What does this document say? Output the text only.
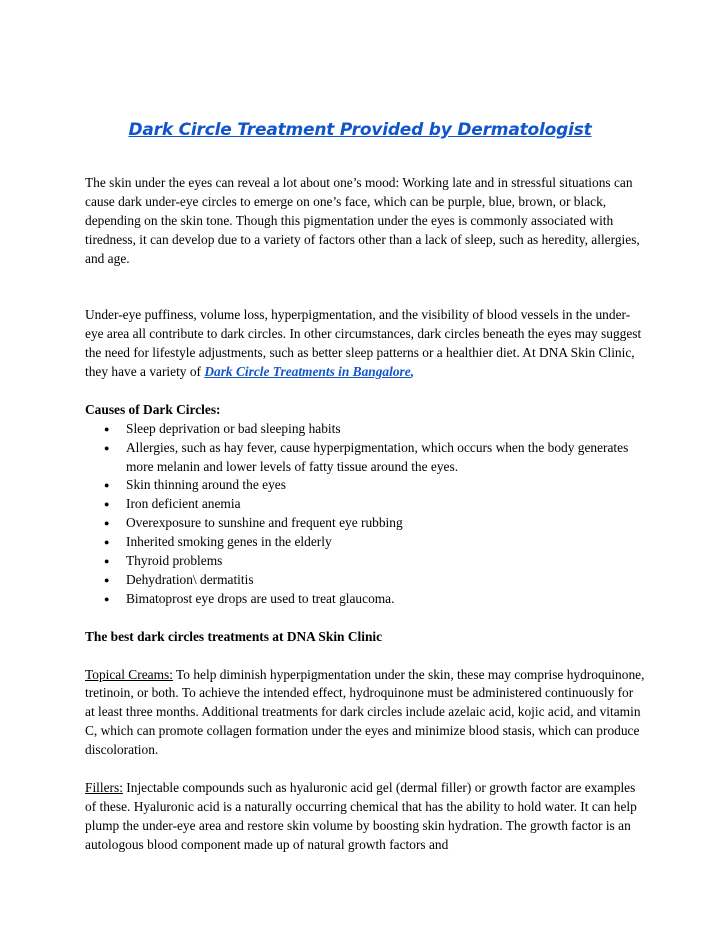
Dark Circle Treatment Provided by Dermatologist

The skin under the eyes can reveal a lot about one’s mood: Working late and in stressful situations can cause dark under-eye circles to emerge on one’s face, which can be purple, blue, brown, or black, depending on the skin tone. Though this pigmentation under the eyes is commonly associated with tiredness, it can develop due to a variety of factors other than a lack of sleep, such as heredity, allergies, and age.

Under-eye puffiness, volume loss, hyperpigmentation, and the visibility of blood vessels in the under-eye area all contribute to dark circles. In other circumstances, dark circles beneath the eyes may suggest the need for lifestyle adjustments, such as better sleep patterns or a healthier diet. At DNA Skin Clinic, they have a variety of Dark Circle Treatments in Bangalore,

Causes of Dark Circles:

● Sleep deprivation or bad sleeping habits
● Allergies, such as hay fever, cause hyperpigmentation, which occurs when the body generates more melanin and lower levels of fatty tissue around the eyes.
● Skin thinning around the eyes
● Iron deficient anemia
● Overexposure to sunshine and frequent eye rubbing
● Inherited smoking genes in the elderly
● Thyroid problems
● Dehydration\ dermatitis
● Bimatoprost eye drops are used to treat glaucoma.

The best dark circles treatments at DNA Skin Clinic

Topical Creams: To help diminish hyperpigmentation under the skin, these may comprise hydroquinone, tretinoin, or both. To achieve the intended effect, hydroquinone must be administered continuously for at least three months. Additional treatments for dark circles include azelaic acid, kojic acid, and vitamin C, which can promote collagen formation under the eyes and minimize blood stasis, which can produce discoloration.

Fillers: Injectable compounds such as hyaluronic acid gel (dermal filler) or growth factor are examples of these. Hyaluronic acid is a naturally occurring chemical that has the ability to hold water. It can help plump the under-eye area and restore skin volume by boosting skin hydration. The growth factor is an autologous blood component made up of natural growth factors and
